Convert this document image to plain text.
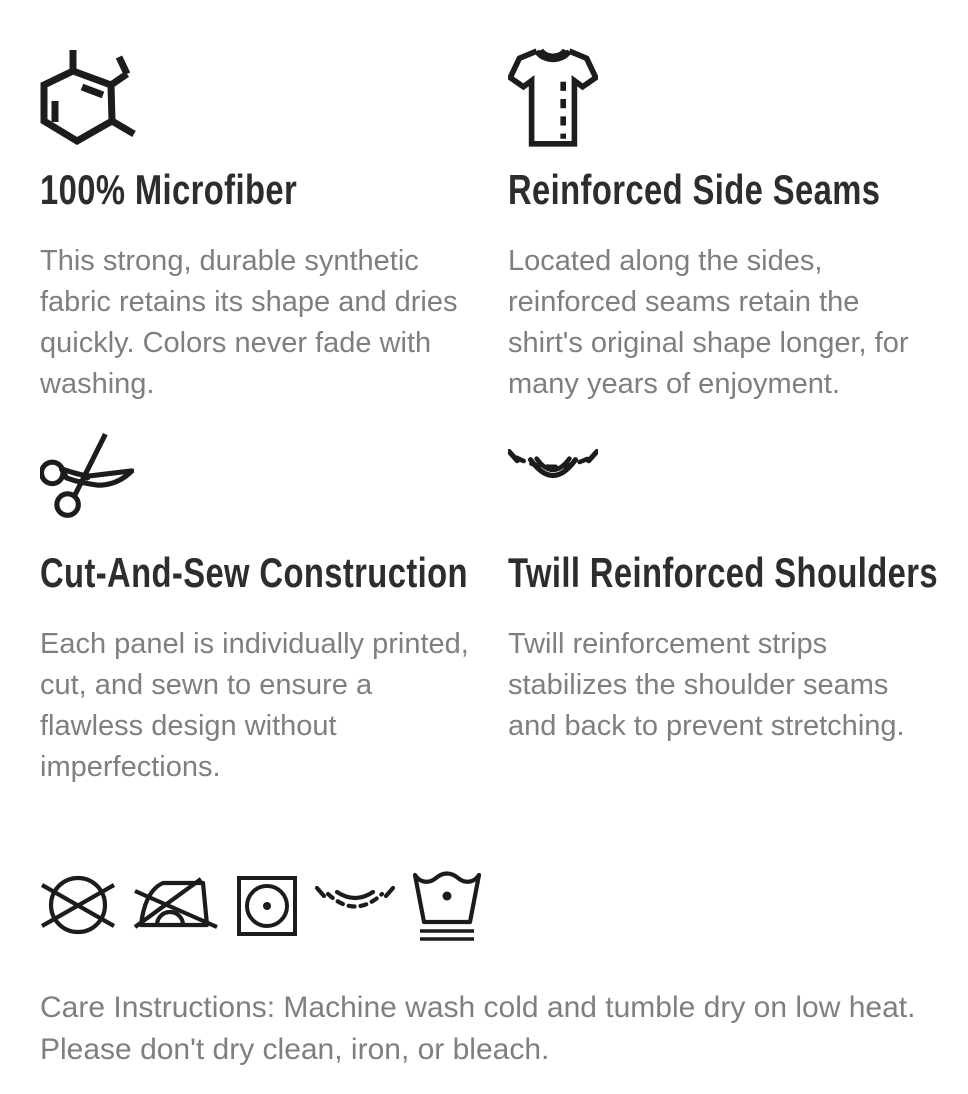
100% Microfiber

This strong, durable synthetic fabric retains its shape and dries quickly. Colors never fade with washing.

Reinforced Side Seams

Located along the sides, reinforced seams retain the shirt's original shape longer, for many years of enjoyment.

Cut-And-Sew Construction

Each panel is individually printed, cut, and sewn to ensure a flawless design without imperfections.

Twill Reinforced Shoulders

Twill reinforcement strips stabilizes the shoulder seams and back to prevent stretching.

Care Instructions: Machine wash cold and tumble dry on low heat. Please don't dry clean, iron, or bleach.
